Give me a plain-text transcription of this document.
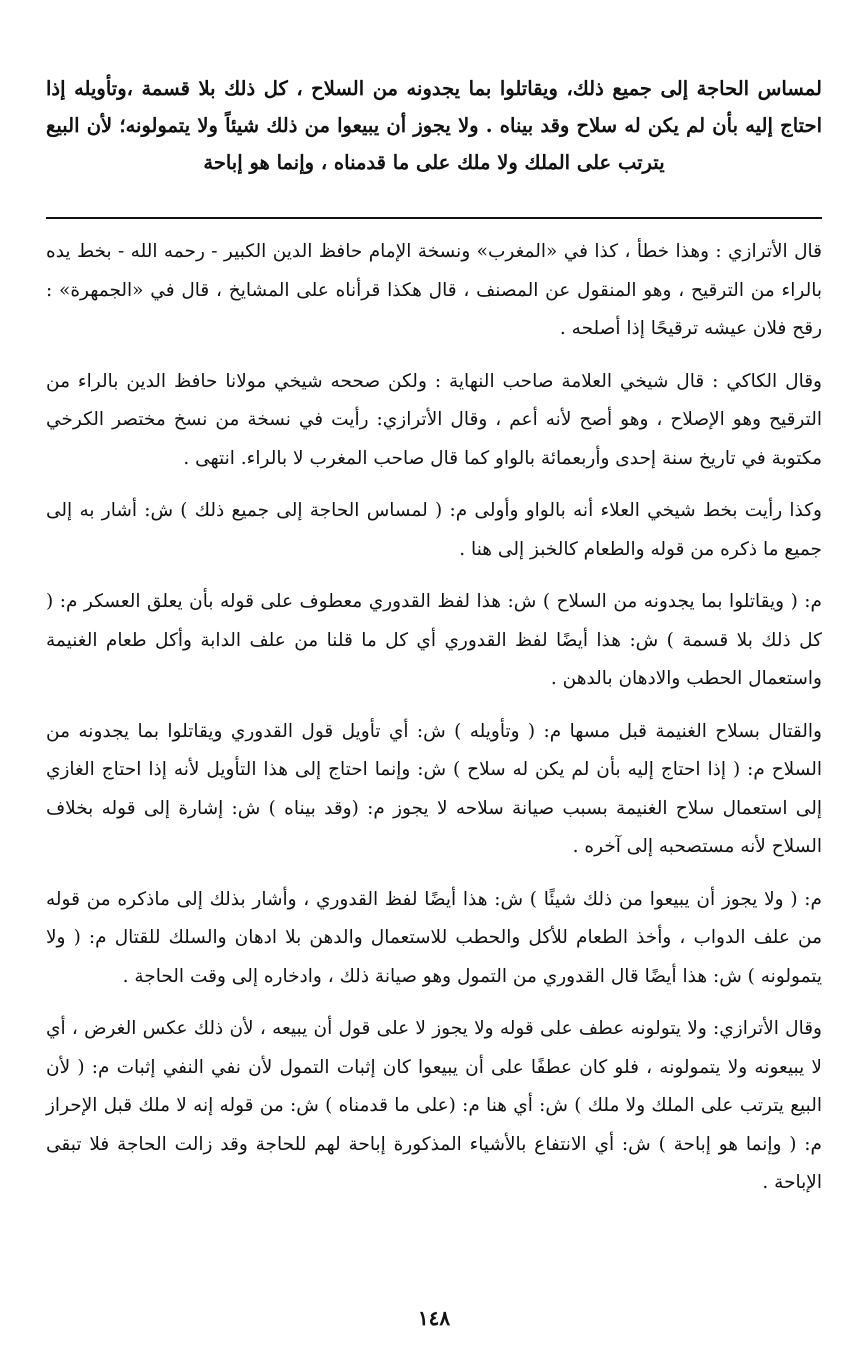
لمساس الحاجة إلى جميع ذلك، ويقاتلوا بما يجدونه من السلاح ، كل ذلك بلا قسمة ،وتأويله إذا احتاج إليه بأن لم يكن له سلاح وقد بيناه . ولا يجوز أن يبيعوا من ذلك شيئاً ولا يتمولونه؛ لأن البيع يترتب على الملك ولا ملك على ما قدمناه ، وإنما هو إباحة

قال الأترازي : وهذا خطأ ، كذا في «المغرب» ونسخة الإمام حافظ الدين الكبير - رحمه الله - بخط يده بالراء من الترقيح ، وهو المنقول عن المصنف ، قال هكذا قرأناه على المشايخ ، قال في «الجمهرة» : رقح فلان عيشه ترقيحًا إذا أصلحه .

وقال الكاكي : قال شيخي العلامة صاحب النهاية : ولكن صححه شيخي مولانا حافظ الدين بالراء من الترقيح وهو الإصلاح ، وهو أصح لأنه أعم ، وقال الأترازي: رأيت في نسخة من نسخ مختصر الكرخي مكتوبة في تاريخ سنة إحدى وأربعمائة بالواو كما قال صاحب المغرب لا بالراء. انتهى .

وكذا رأيت بخط شيخي العلاء أنه بالواو وأولى م: ( لمساس الحاجة إلى جميع ذلك ) ش: أشار به إلى جميع ما ذكره من قوله والطعام كالخبز إلى هنا .

م: ( ويقاتلوا بما يجدونه من السلاح ) ش: هذا لفظ القدوري معطوف على قوله بأن يعلق العسكر م: ( كل ذلك بلا قسمة ) ش: هذا أيضًا لفظ القدوري أي كل ما قلنا من علف الدابة وأكل طعام الغنيمة واستعمال الحطب والادهان بالدهن .

والقتال بسلاح الغنيمة قبل مسها م: ( وتأويله ) ش: أي تأويل قول القدوري ويقاتلوا بما يجدونه من السلاح م: ( إذا احتاج إليه بأن لم يكن له سلاح ) ش: وإنما احتاج إلى هذا التأويل لأنه إذا احتاج الغازي إلى استعمال سلاح الغنيمة بسبب صيانة سلاحه لا يجوز م: (وقد بيناه ) ش: إشارة إلى قوله بخلاف السلاح لأنه مستصحبه إلى آخره .

م: ( ولا يجوز أن يبيعوا من ذلك شيئًا ) ش: هذا أيضًا لفظ القدوري ، وأشار بذلك إلى ماذكره من قوله من علف الدواب ، وأخذ الطعام للأكل والحطب للاستعمال والدهن بلا ادهان والسلك للقتال م: ( ولا يتمولونه ) ش: هذا أيضًا قال القدوري من التمول وهو صيانة ذلك ، وادخاره إلى وقت الحاجة .

وقال الأترازي: ولا يتولونه عطف على قوله ولا يجوز لا على قول أن يبيعه ، لأن ذلك عكس الغرض ، أي لا يبيعونه ولا يتمولونه ، فلو كان عطفًا على أن يبيعوا كان إثبات التمول لأن نفي النفي إثبات م: ( لأن البيع يترتب على الملك ولا ملك ) ش: أي هنا م: (على ما قدمناه ) ش: من قوله إنه لا ملك قبل الإحراز م: ( وإنما هو إباحة ) ش: أي الانتفاع بالأشياء المذكورة إباحة لهم للحاجة وقد زالت الحاجة فلا تبقى الإباحة .

١٤٨
